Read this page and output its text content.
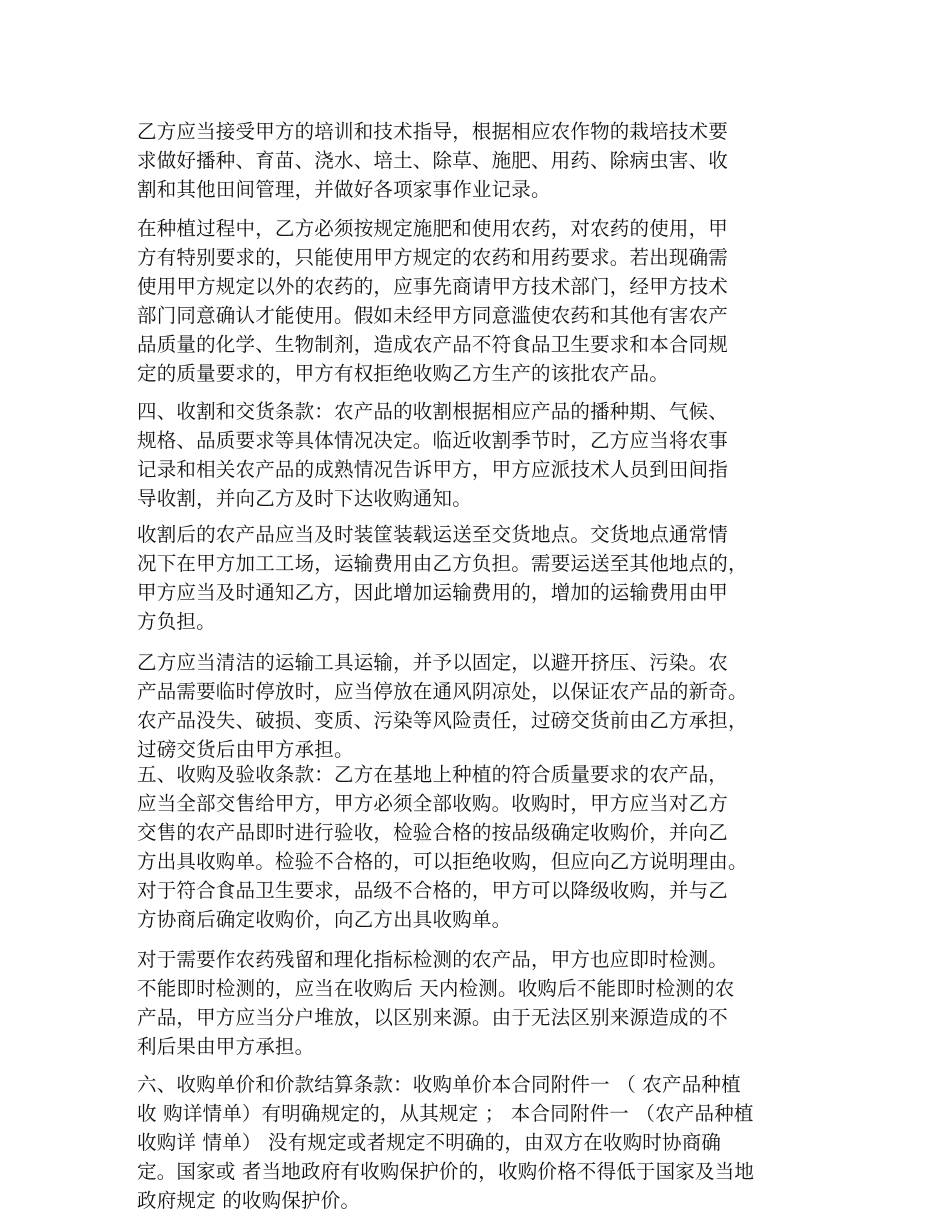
乙方应当接受甲方的培训和技术指导，根据相应农作物的栽培技术要
求做好播种、育苗、浇水、培土、除草、施肥、用药、除病虫害、收
割和其他田间管理，并做好各项家事作业记录。
在种植过程中，乙方必须按规定施肥和使用农药，对农药的使用，甲
方有特别要求的，只能使用甲方规定的农药和用药要求。若出现确需
使用甲方规定以外的农药的，应事先商请甲方技术部门，经甲方技术
部门同意确认才能使用。假如未经甲方同意滥使农药和其他有害农产
品质量的化学、生物制剂，造成农产品不符食品卫生要求和本合同规
定的质量要求的，甲方有权拒绝收购乙方生产的该批农产品。
四、收割和交货条款：农产品的收割根据相应产品的播种期、气候、
规格、品质要求等具体情况决定。临近收割季节时，乙方应当将农事
记录和相关农产品的成熟情况告诉甲方，甲方应派技术人员到田间指
导收割，并向乙方及时下达收购通知。
收割后的农产品应当及时装筐装载运送至交货地点。交货地点通常情
况下在甲方加工工场，运输费用由乙方负担。需要运送至其他地点的，
甲方应当及时通知乙方，因此增加运输费用的，增加的运输费用由甲
方负担。
乙方应当清洁的运输工具运输，并予以固定，以避开挤压、污染。农
产品需要临时停放时，应当停放在通风阴凉处，以保证农产品的新奇。
农产品没失、破损、变质、污染等风险责任，过磅交货前由乙方承担，
过磅交货后由甲方承担。
五、收购及验收条款：乙方在基地上种植的符合质量要求的农产品，
应当全部交售给甲方，甲方必须全部收购。收购时，甲方应当对乙方
交售的农产品即时进行验收，检验合格的按品级确定收购价，并向乙
方出具收购单。检验不合格的，可以拒绝收购，但应向乙方说明理由。
对于符合食品卫生要求，品级不合格的，甲方可以降级收购，并与乙
方协商后确定收购价，向乙方出具收购单。
对于需要作农药残留和理化指标检测的农产品，甲方也应即时检测。
不能即时检测的，应当在收购后 天内检测。收购后不能即时检测的农
产品，甲方应当分户堆放，以区别来源。由于无法区别来源造成的不
利后果由甲方承担。
六、收购单价和价款结算条款：收购单价本合同附件一 （ 农产品种植
收 购详情单）有明确规定的，从其规定 ； 本合同附件一 （农产品种植
收购详 情单） 没有规定或者规定不明确的，由双方在收购时协商确
定。国家或 者当地政府有收购保护价的，收购价格不得低于国家及当地
政府规定 的收购保护价。
